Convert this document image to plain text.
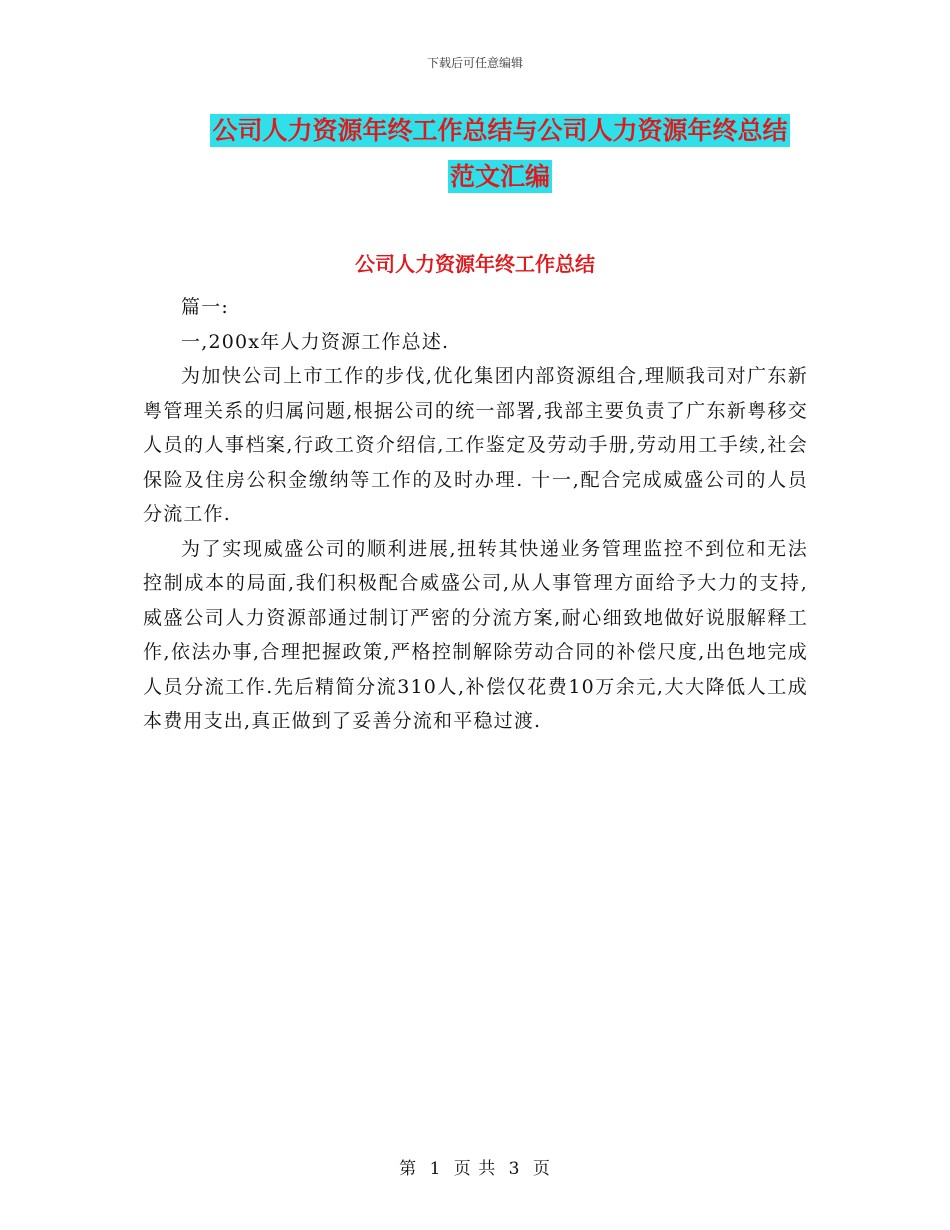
下载后可任意编辑
公司人力资源年终工作总结与公司人力资源年终总结
范文汇编
公司人力资源年终工作总结

篇一:

一,200x年人力资源工作总述.

为加快公司上市工作的步伐,优化集团内部资源组合,理顺我司对广东新粤管理关系的归属问题,根据公司的统一部署,我部主要负责了广东新粤移交人员的人事档案,行政工资介绍信,工作鉴定及劳动手册,劳动用工手续,社会保险及住房公积金缴纳等工作的及时办理. 十一,配合完成威盛公司的人员分流工作.

为了实现威盛公司的顺利进展,扭转其快递业务管理监控不到位和无法控制成本的局面,我们积极配合威盛公司,从人事管理方面给予大力的支持,威盛公司人力资源部通过制订严密的分流方案,耐心细致地做好说服解释工作,依法办事,合理把握政策,严格控制解除劳动合同的补偿尺度,出色地完成人员分流工作.先后精简分流310人,补偿仅花费10万余元,大大降低人工成本费用支出,真正做到了妥善分流和平稳过渡.

第 1 页 共 3 页
